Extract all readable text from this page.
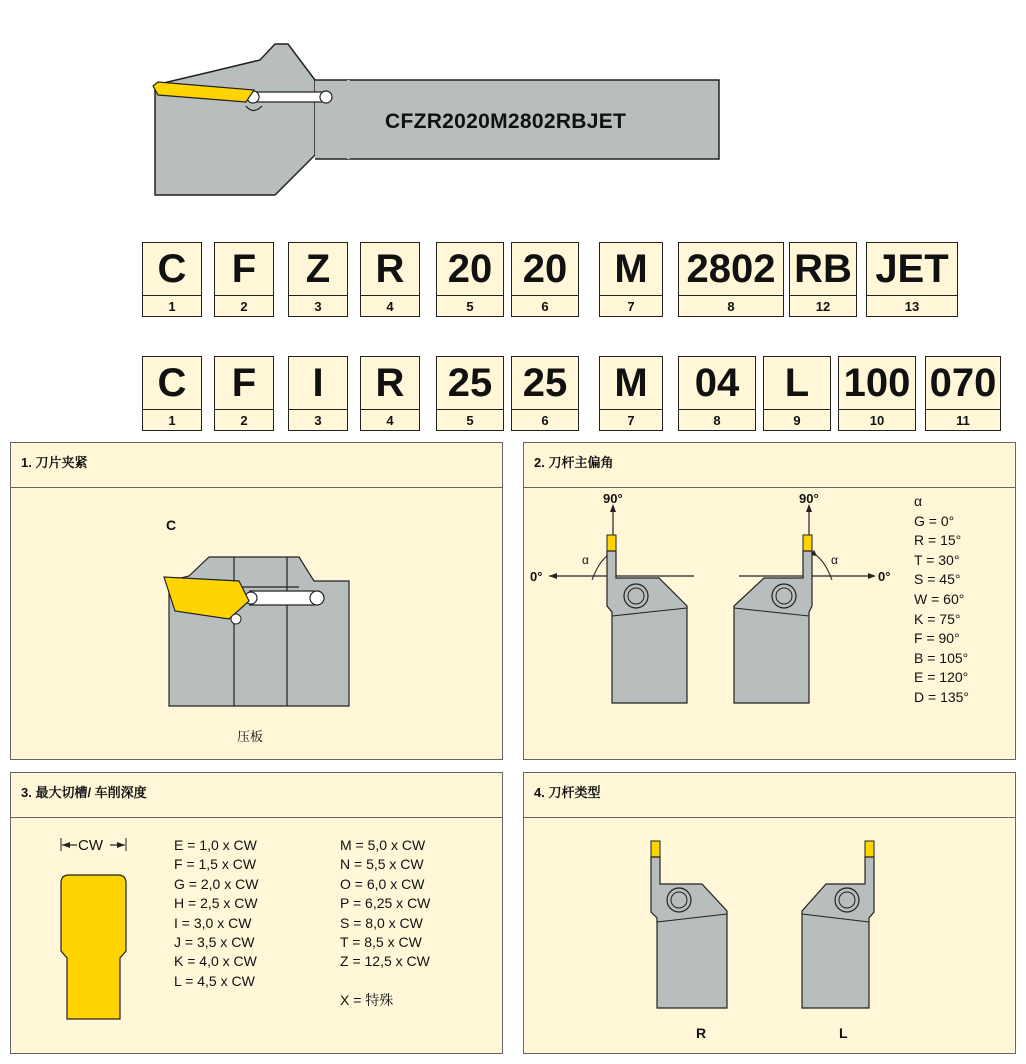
CFZR2020M2802RBJET
C
1
F
2
Z
3
R
4
20
5
20
6
M
7
2802
8
RB
12
JET
13
C
1
F
2
I
3
R
4
25
5
25
6
M
7
04
8
L
9
100
10
070
11
1. 刀片夹紧
C
压板
2. 刀杆主偏角
90°	90°
0°	0°
α	α
α
G = 0°
R = 15°
T = 30°
S = 45°
W = 60°
K = 75°
F = 90°
B = 105°
E = 120°
D = 135°
3. 最大切槽/ 车削深度
CW	E = 1,0 x CW
F = 1,5 x CW
G = 2,0 x CW
H = 2,5 x CW
I = 3,0 x CW
J = 3,5 x CW
K = 4,0 x CW
L = 4,5 x CW
M = 5,0 x CW
N = 5,5 x CW
O = 6,0 x CW
P = 6,25 x CW
S = 8,0 x CW
T = 8,5 x CW
Z = 12,5 x CW

X = 特殊
4. 刀杆类型
R	L
